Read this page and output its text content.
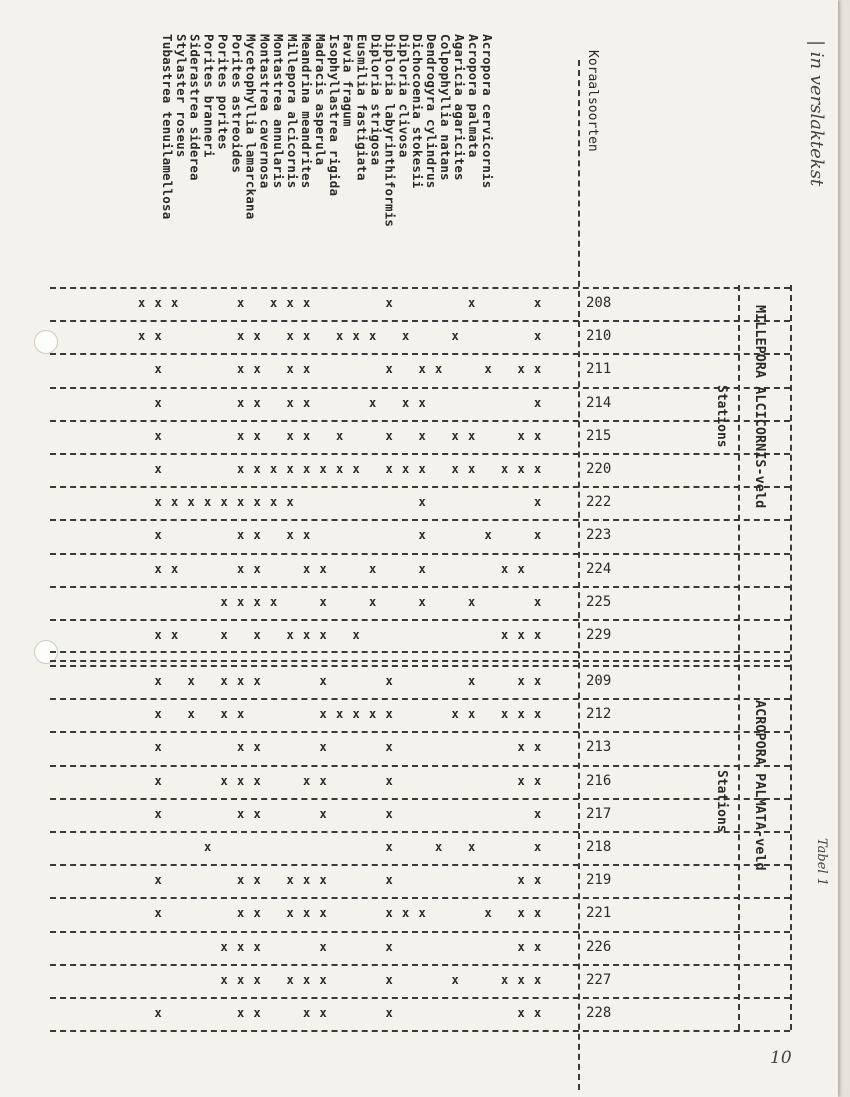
Koraalsoorten
Acropora cervicornis
Acropora palmata
Agaricia agaricites
Colpophyllia natans
Dendrogyra cylindrus
Dichocoenia stokesii
Diploria clivosa
Diploria labyrinthiformis
Diploria strigosa
Eusmilia fastigiata
Favia fragum
Isophyllastrea rigida
Madracis asperula
Meandrina meandrites
Millepora alcicornis
Montastrea annularis
Montastrea cavernosa
Mycetophyllia lamarckana
Porites astreoides
Porites porites
Porites branneri
Siderastrea siderea
Stylaster roseus
Tubastrea tenuilamellosa
MILLEPORA ALCICORNIS-veld
Stations
ACROPORA PALMATA-veld
Stations
208
x
x
x
x
x
x
x
x
x
x
210
x
x
x
x
x
x
x
x
x
x
x
x
211
x
x
x
x
x
x
x
x
x
x
x
214
x
x
x
x
x
x
x
x
x
215
x
x
x
x
x
x
x
x
x
x
x
x
220
x
x
x
x
x
x
x
x
x
x
x
x
x
x
x
x
x
222
x
x
x
x
x
x
x
x
x
x
x
223
x
x
x
x
x
x
x
x
224
x
x
x
x
x
x
x
x
x
x
225
x
x
x
x
x
x
x
x
x
229
x
x
x
x
x
x
x
x
x
x
x
209
x
x
x
x
x
x
x
x
x
x
212
x
x
x
x
x
x
x
x
x
x
x
x
x
x
213
x
x
x
x
x
x
x
216
x
x
x
x
x
x
x
x
x
217
x
x
x
x
x
x
218
x
x
x
x
x
219
x
x
x
x
x
x
x
x
x
221
x
x
x
x
x
x
x
x
x
x
x
x
226
x
x
x
x
x
x
x
227
x
x
x
x
x
x
x
x
x
x
x
228
x
x
x
x
x
x
x
x
| in verslaktekst
Tabel 1
10
